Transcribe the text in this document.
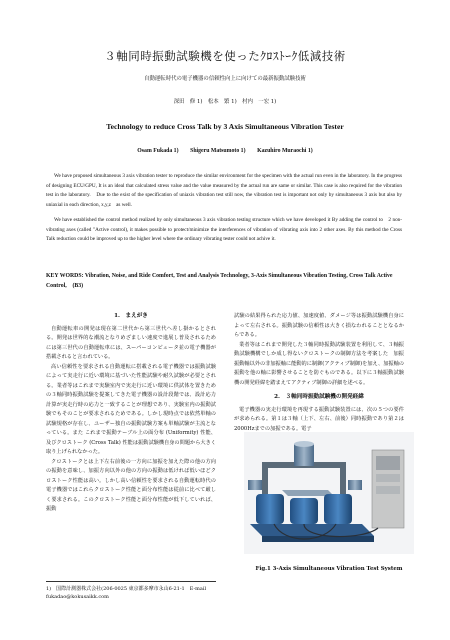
３軸同時振動試験機を使ったｸﾛｽﾄｰｸ低減技術
自動運転時代の電子機器の信頼性向上に向けての最新振動試験技術
深田　修 1)　松本　繁 1)　村内　一宏 1)
Technology to reduce Cross Talk by 3 Axis Simultaneous Vibration Tester
Osam Fukada 1)　　Shigeru Matsumoto 1)　　Kazuhiro Muraochi 1)

We have proposed simultaneous 3 axis vibration tester to reproduce the similar environment for the specimen with the actual run even in the laboratory. In the progress of designing ECU/GPU, It is an ideal that calculated stress value and the value measured by the actual run are same or similar. This case is also required for the vibration test in the laboratory.　Due to the exist of the specification of uniaxis vibration test still now, the vibration test is important not only by simultaneous 3 axis but also by uniaxial in each direction, x,y,z　as well.

We have established the control method realized by only simultaneous 3 axis vibration testing structure which we have developed it By adding the control to　2 non-vibrating axes (called "Active control), it makes possible to protect/minimize the interferences of vibration of vibrating axis into 2 other axes. By this method the Cross Talk reduction could be improved up to the higher level where the ordinary vibrating tester could not achive it.

KEY WORDS: Vibration, Noise, and Ride Comfort, Test and Analysis Technology, 3-Axis Simultaneous Vibration Testing, Cross Talk Active Control,　(B3)
1.　まえがき

自動運転車の開発は現在第二世代から第三世代へ差し掛かるとされる。開発は世界的な潮流となりめざましい速度で進展し普及されるためには第三世代の自動運転車には、スーパーコンピュータ並の電子機器が搭載されると言われている。

高い信頼性を要求される自動運転に搭載される電子機器では振動試験によって実走行に近い環境に基づいた性能試験や耐久試験が必要とされる。業者等はこれまで実験室内で実走行に近い環境に供試体を置きための３軸同時振動試験を提案してきた電子機器の設計段階では、設計応力計算が実走行時の応力と一致することが理想であり、実験室内の振動試験でもそのことが要求されるためである。しかし現時点では依然単軸の試験規格が存在し、ユーザー独自の振動試験方案も単軸試験が主流となっている。また これまで振動テーブル上の面分布 (Uniformity) 性能、及びクロストーク (Cross Talk) 性能は振動試験機自身の問題から大きく取り上げられなかった。

クロストークとは上下左右前後の一方向に加振を加えた際の他の方向の振動を意味し、加振方向以外の他の方向の振動は低ければ低いほどクロストーク性能は高い。しかし高い信頼性を要求される自動運転時代の電子機器ではこれらクロストーク性能と面分布性能は従前に比べて厳しく要求される。このクロストーク性能と面分布性能が低下していれば、振動

試験の結果得られた応力値、加速度値、ダメージ等は振動試験機自身によって左右される。振動試験の信頼性は大きく損なわれることとなるからである。

業者等はこれまで開発した３軸同時振動試験装置を利用して、３軸振動試験機構でしか成し得ないクロストークの制御方法を考案した　加振振動軸以外の非加振軸に能動的に制御(アクティブ制御)を加え、加振軸の振動を他の軸に影響させることを防ぐものである。以下に３軸振動試験機の開発経緯を踏まえてアクティブ制御の詳細を述べる。

2.　３軸同時振動試験機の開発経緯

電子機器の実走行環境を再現する振動試験装置には、次の５つの要件が求められる。第１は３軸（上下、左右、前後）同時振動であり第２は2000Hzまでの加振である。電子

1)　国際計測器株式会社(206-0025 東京都多摩市永山6-21-1　E-mail fukadao@kokusaikk.com
Fig.1 3-Axis Simultaneous Vibration Test System
